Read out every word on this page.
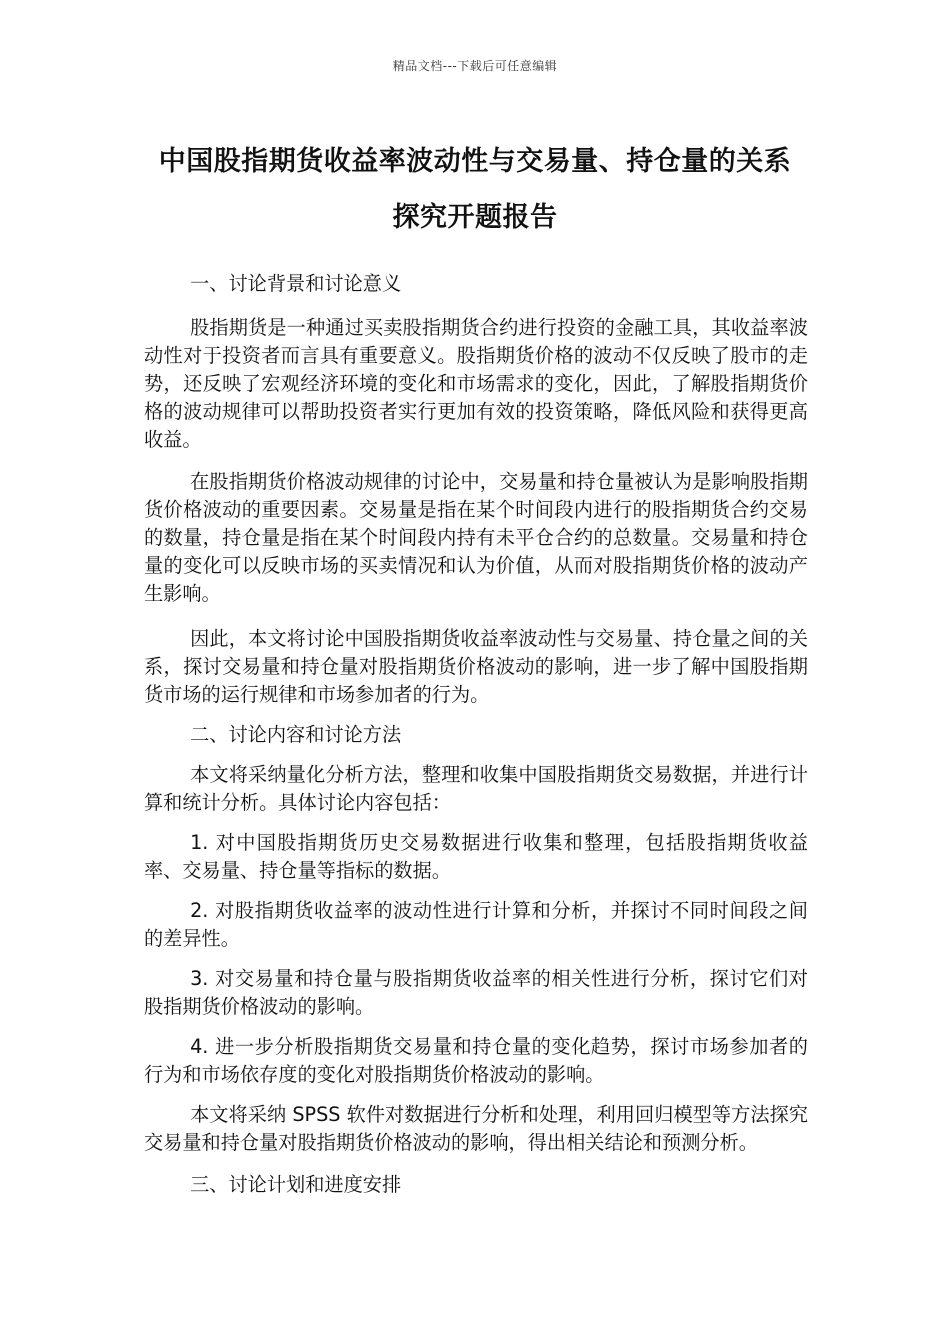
精品文档---下载后可任意编辑
中国股指期货收益率波动性与交易量、持仓量的关系
探究开题报告

一、讨论背景和讨论意义

股指期货是一种通过买卖股指期货合约进行投资的金融工具，其收益率波动性对于投资者而言具有重要意义。股指期货价格的波动不仅反映了股市的走势，还反映了宏观经济环境的变化和市场需求的变化，因此，了解股指期货价格的波动规律可以帮助投资者实行更加有效的投资策略，降低风险和获得更高收益。

在股指期货价格波动规律的讨论中，交易量和持仓量被认为是影响股指期货价格波动的重要因素。交易量是指在某个时间段内进行的股指期货合约交易的数量，持仓量是指在某个时间段内持有未平仓合约的总数量。交易量和持仓量的变化可以反映市场的买卖情况和认为价值，从而对股指期货价格的波动产生影响。

因此，本文将讨论中国股指期货收益率波动性与交易量、持仓量之间的关系，探讨交易量和持仓量对股指期货价格波动的影响，进一步了解中国股指期货市场的运行规律和市场参加者的行为。

二、讨论内容和讨论方法

本文将采纳量化分析方法，整理和收集中国股指期货交易数据，并进行计算和统计分析。具体讨论内容包括：

1. 对中国股指期货历史交易数据进行收集和整理，包括股指期货收益率、交易量、持仓量等指标的数据。

2. 对股指期货收益率的波动性进行计算和分析，并探讨不同时间段之间的差异性。

3. 对交易量和持仓量与股指期货收益率的相关性进行分析，探讨它们对股指期货价格波动的影响。

4. 进一步分析股指期货交易量和持仓量的变化趋势，探讨市场参加者的行为和市场依存度的变化对股指期货价格波动的影响。

本文将采纳 SPSS 软件对数据进行分析和处理，利用回归模型等方法探究交易量和持仓量对股指期货价格波动的影响，得出相关结论和预测分析。

三、讨论计划和进度安排
